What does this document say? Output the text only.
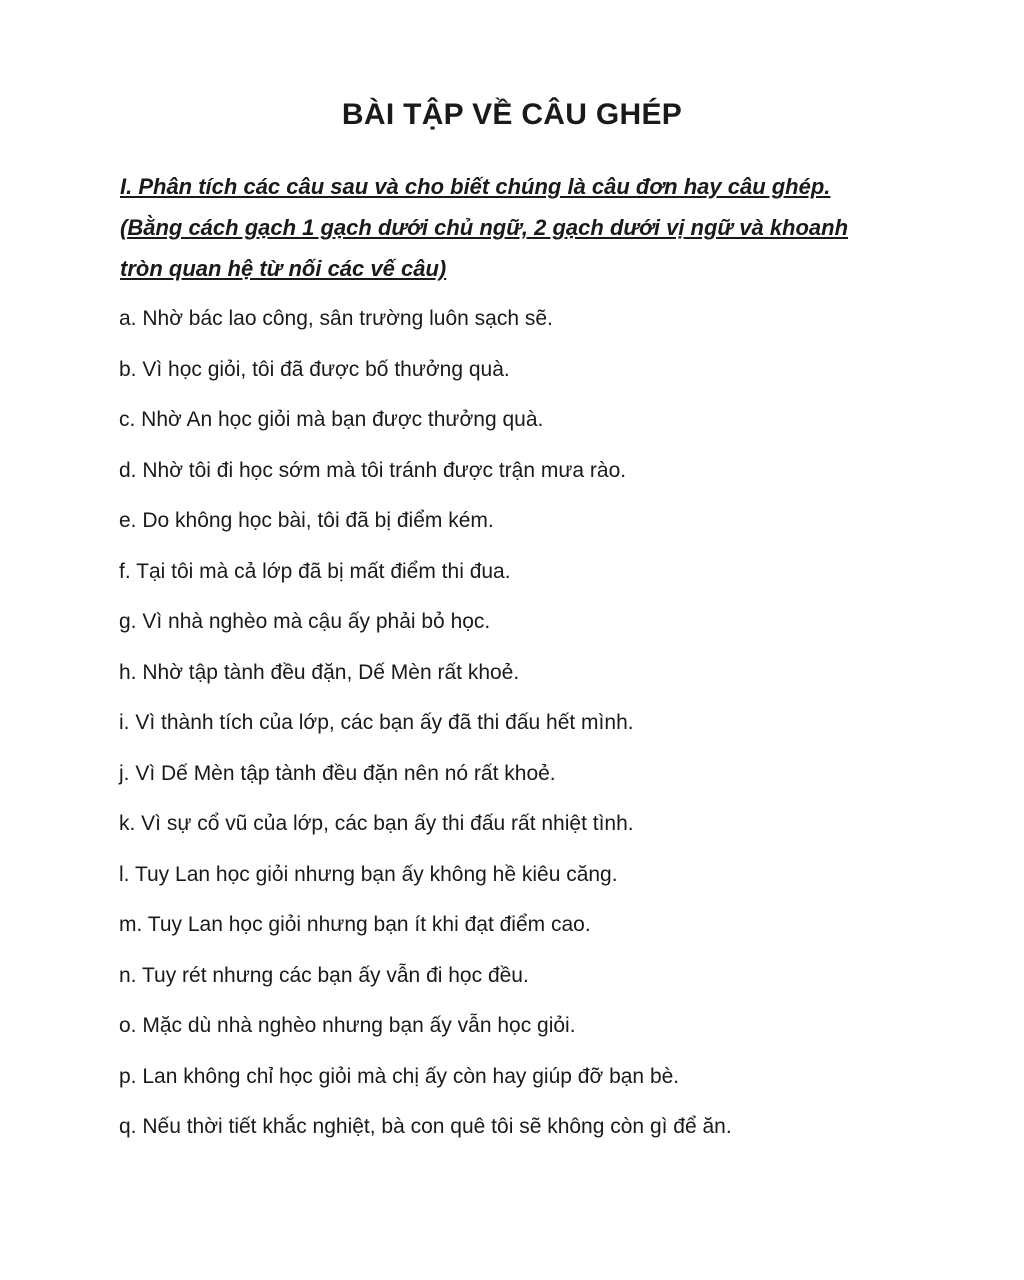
BÀI TẬP VỀ CÂU GHÉP

I. Phân tích các câu sau và cho biết chúng là câu đơn hay câu ghép.
(Bằng cách gạch 1 gạch dưới chủ ngữ, 2 gạch dưới vị ngữ và khoanh
tròn quan hệ từ nối các vế câu)

a. Nhờ bác lao công, sân trường luôn sạch sẽ.
b. Vì học giỏi, tôi đã được bố thưởng quà.
c. Nhờ An học giỏi mà bạn được thưởng quà.
d. Nhờ tôi đi học sớm mà tôi tránh được trận mưa rào.
e. Do không học bài, tôi đã bị điểm kém.
f. Tại tôi mà cả lớp đã bị mất điểm thi đua.
g. Vì nhà nghèo mà cậu ấy phải bỏ học.
h. Nhờ tập tành đều đặn, Dế Mèn rất khoẻ.
i. Vì thành tích của lớp, các bạn ấy đã thi đấu hết mình.
j. Vì Dế Mèn tập tành đều đặn nên nó rất khoẻ.
k. Vì sự cổ vũ của lớp, các bạn ấy thi đấu rất nhiệt tình.
l. Tuy Lan học giỏi nhưng bạn ấy không hề kiêu căng.
m. Tuy Lan học giỏi nhưng bạn ít khi đạt điểm cao.
n. Tuy rét nhưng các bạn ấy vẫn đi học đều.
o. Mặc dù nhà nghèo nhưng bạn ấy vẫn học giỏi.
p. Lan không chỉ học giỏi mà chị ấy còn hay giúp đỡ bạn bè.
q. Nếu thời tiết khắc nghiệt, bà con quê tôi sẽ không còn gì để ăn.
